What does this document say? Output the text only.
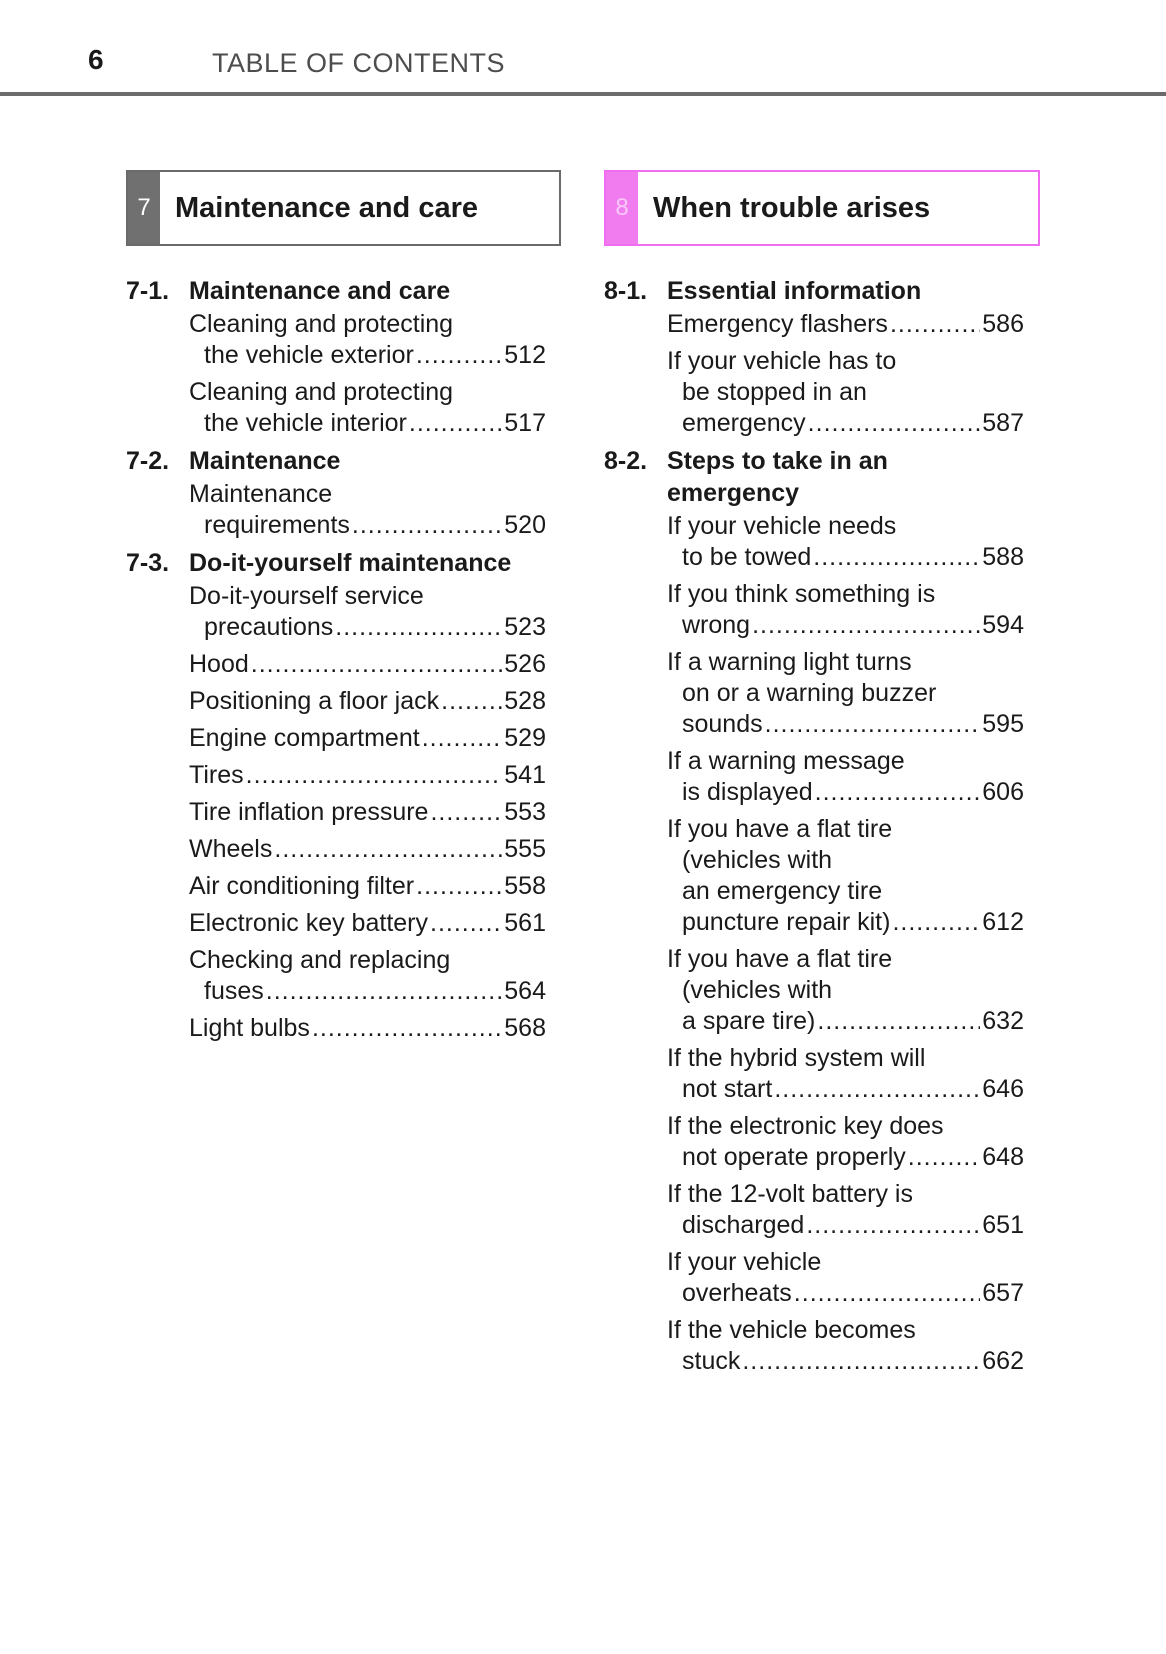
6	TABLE OF CONTENTS
7 Maintenance and care	8 When trouble arises
7-1. Maintenance and care
Cleaning and protecting
the vehicle exterior .....	512
Cleaning and protecting
the vehicle interior .....	517
7-2. Maintenance
Maintenance
requirements .....	520
7-3. Do-it-yourself maintenance
Do-it-yourself service
precautions .....	523
Hood .....	526
Positioning a floor jack .....	528
Engine compartment .....	529
Tires .....	541
Tire inflation pressure .....	553
Wheels .....	555
Air conditioning filter .....	558
Electronic key battery .....	561
Checking and replacing
fuses .....	564
Light bulbs .....	568
8-1. Essential information
Emergency flashers .....	586
If your vehicle has to
be stopped in an
emergency .....	587
8-2. Steps to take in an
emergency
If your vehicle needs
to be towed .....	588
If you think something is
wrong .....	594
If a warning light turns
on or a warning buzzer
sounds .....	595
If a warning message
is displayed .....	606
If you have a flat tire
(vehicles with
an emergency tire
puncture repair kit) .....	612
If you have a flat tire
(vehicles with
a spare tire) .....	632
If the hybrid system will
not start .....	646
If the electronic key does
not operate properly .....	648
If the 12-volt battery is
discharged .....	651
If your vehicle
overheats .....	657
If the vehicle becomes
stuck .....	662
